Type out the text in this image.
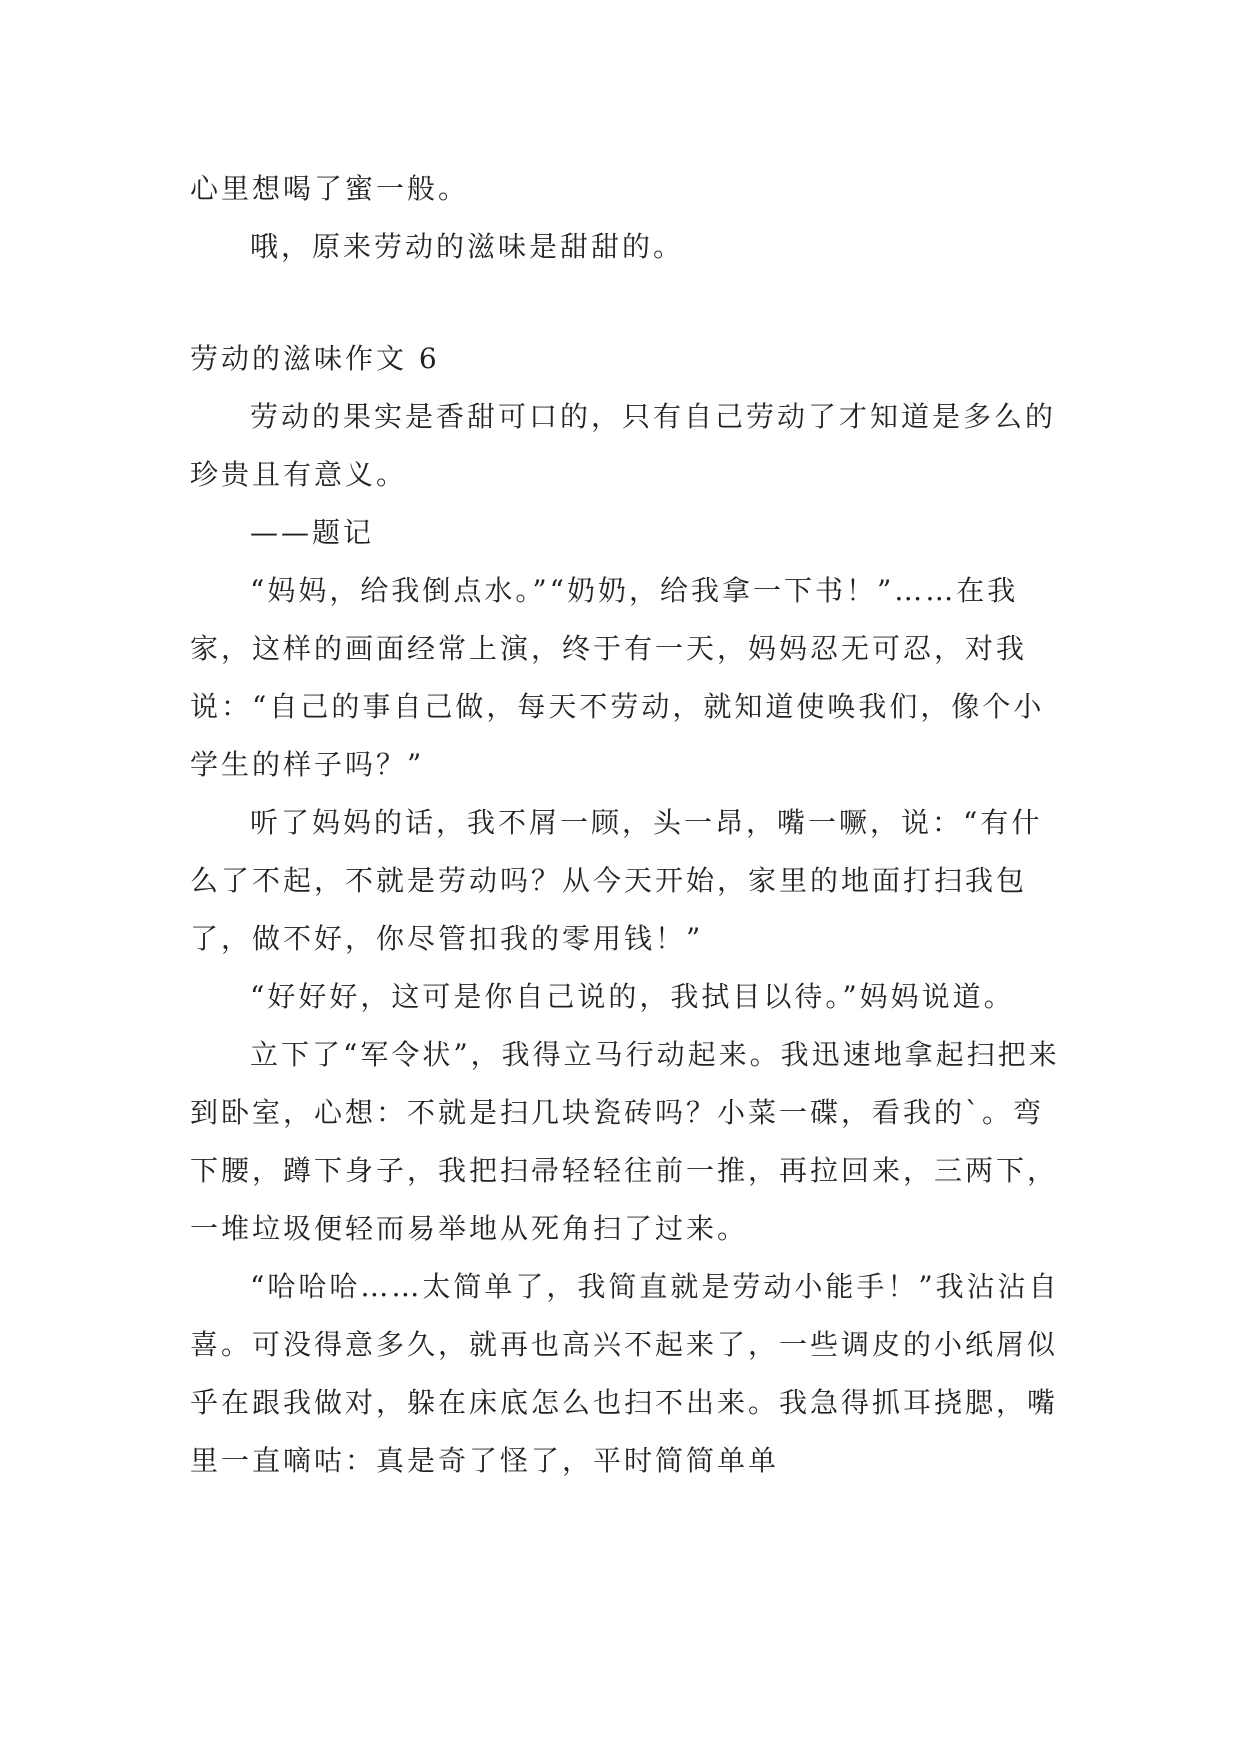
心里想喝了蜜一般。

哦，原来劳动的滋味是甜甜的。

劳动的滋味作文 6

劳动的果实是香甜可口的，只有自己劳动了才知道是多么的珍贵且有意义。

——题记

“妈妈，给我倒点水。”“奶奶，给我拿一下书！”……在我家，这样的画面经常上演，终于有一天，妈妈忍无可忍，对我说：“自己的事自己做，每天不劳动，就知道使唤我们，像个小学生的样子吗？”

听了妈妈的话，我不屑一顾，头一昂，嘴一噘，说：“有什么了不起，不就是劳动吗？从今天开始，家里的地面打扫我包了，做不好，你尽管扣我的零用钱！”

“好好好，这可是你自己说的，我拭目以待。”妈妈说道。

立下了“军令状”，我得立马行动起来。我迅速地拿起扫把来到卧室，心想：不就是扫几块瓷砖吗？小菜一碟，看我的`。弯下腰，蹲下身子，我把扫帚轻轻往前一推，再拉回来，三两下，一堆垃圾便轻而易举地从死角扫了过来。

“哈哈哈……太简单了，我简直就是劳动小能手！”我沾沾自喜。可没得意多久，就再也高兴不起来了，一些调皮的小纸屑似乎在跟我做对，躲在床底怎么也扫不出来。我急得抓耳挠腮，嘴里一直嘀咕：真是奇了怪了，平时简简单单
